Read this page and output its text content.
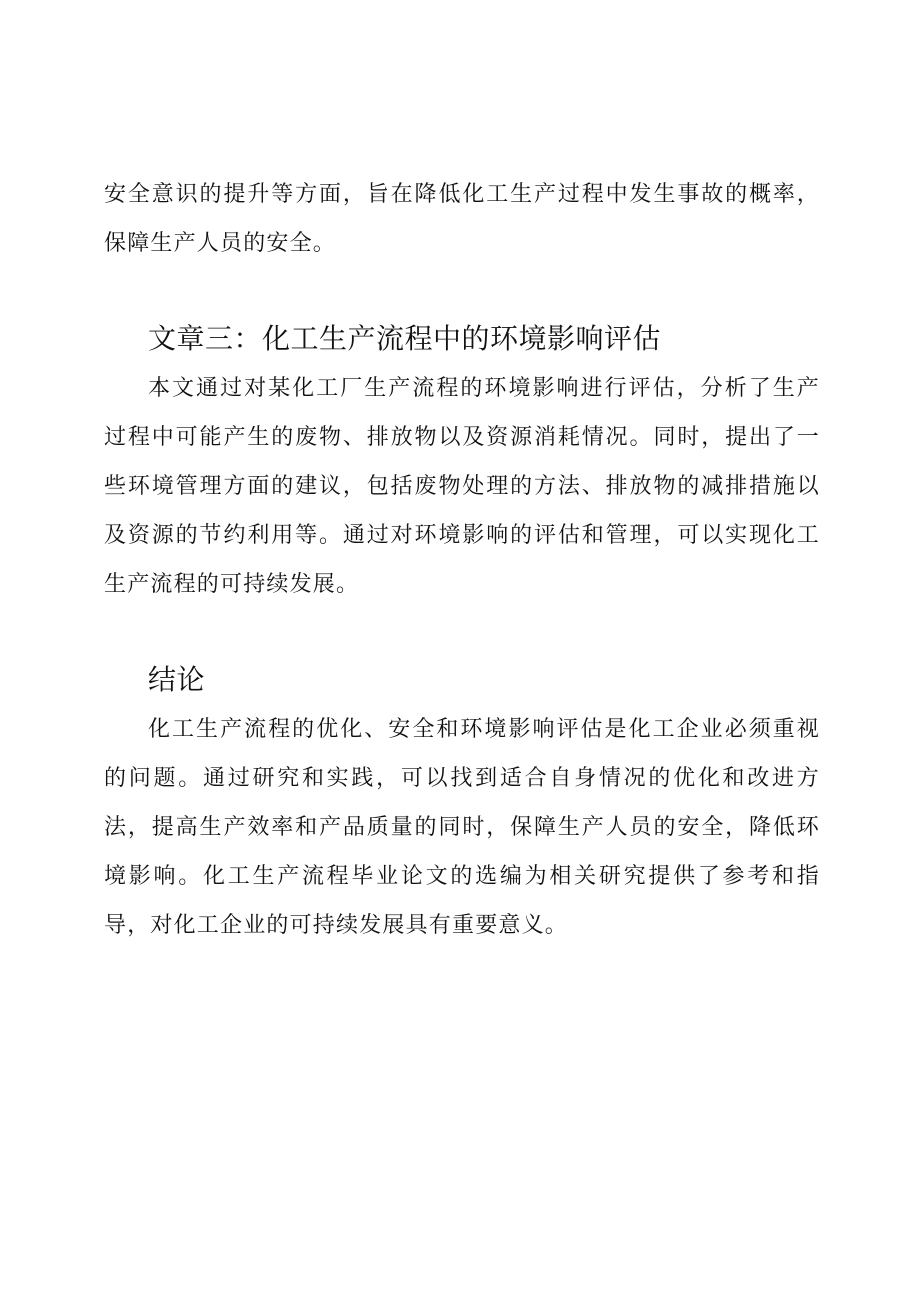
安全意识的提升等方面，旨在降低化工生产过程中发生事故的概率，保障生产人员的安全。

文章三：化工生产流程中的环境影响评估

本文通过对某化工厂生产流程的环境影响进行评估，分析了生产过程中可能产生的废物、排放物以及资源消耗情况。同时，提出了一些环境管理方面的建议，包括废物处理的方法、排放物的减排措施以及资源的节约利用等。通过对环境影响的评估和管理，可以实现化工生产流程的可持续发展。

结论

化工生产流程的优化、安全和环境影响评估是化工企业必须重视的问题。通过研究和实践，可以找到适合自身情况的优化和改进方法，提高生产效率和产品质量的同时，保障生产人员的安全，降低环境影响。化工生产流程毕业论文的选编为相关研究提供了参考和指导，对化工企业的可持续发展具有重要意义。
